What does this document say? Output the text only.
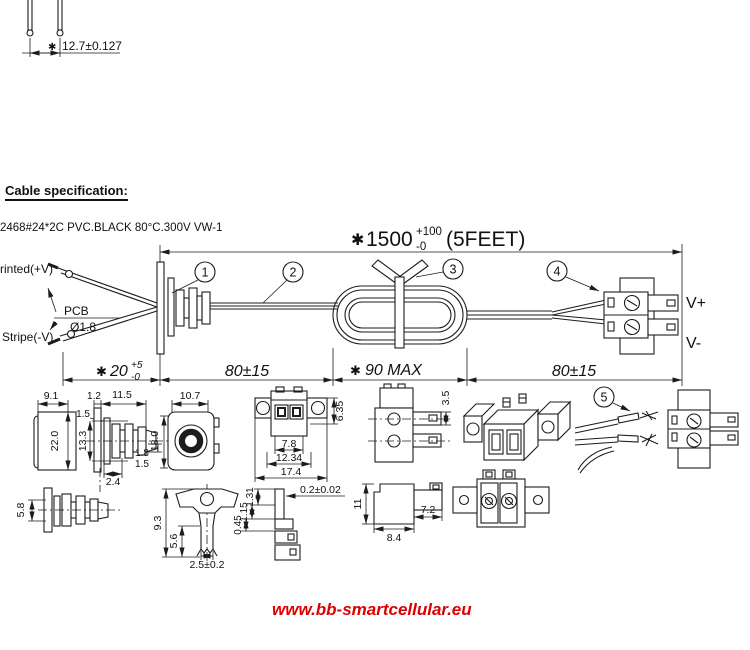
Cable specification:
2468#24*2C PVC.BLACK 80°C.300V VW-1
✱ 12.7±0.127
✱ 1500 +100
-0 (5FEET)
rinted(+V)
Stripe(-V)
PCB
Ø1.8
V+
V-
1	2	3	4
5
✱ 20 +5
-0	80±15	✱ 90 MAX	80±15
9.1
22.0
1.2 11.5
1.5
13.3
1.8
1.5
2.4
5.8
10.7
18.0
6.35
7.8
12.34
17.4
3.5
9.3
5.6
2.5±0.2
1.31
1.15
0.45
0.2±0.02
11	7.2
8.4
www.bb-smartcellular.eu
